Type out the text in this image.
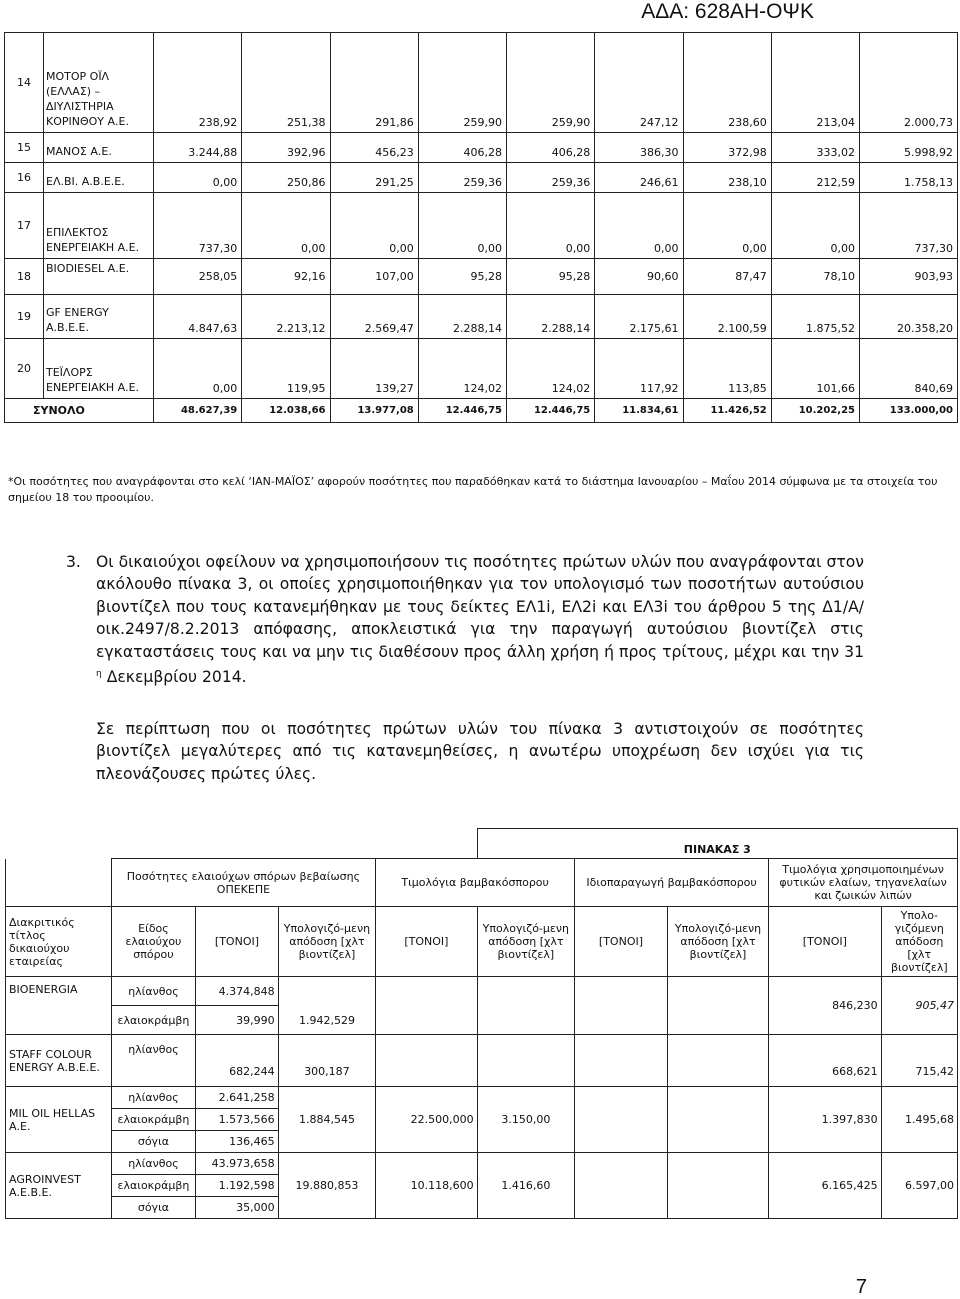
ΑΔΑ: 628ΑΗ-ΟΨΚ
14	ΜΟΤΟΡ ΟΪΛ (ΕΛΛΑΣ) – ΔΙΥΛΙΣΤΗΡΙΑ ΚΟΡΙΝΘΟΥ Α.Ε.	238,92	251,38	291,86	259,90	259,90	247,12	238,60	213,04	2.000,73
15	ΜΑΝΟΣ Α.Ε.	3.244,88	392,96	456,23	406,28	406,28	386,30	372,98	333,02	5.998,92
16	ΕΛ.ΒΙ. Α.Β.Ε.Ε.	0,00	250,86	291,25	259,36	259,36	246,61	238,10	212,59	1.758,13
17	ΕΠΙΛΕΚΤΟΣ ΕΝΕΡΓΕΙΑΚΗ Α.Ε.	737,30	0,00	0,00	0,00	0,00	0,00	0,00	0,00	737,30
18	BIODIESEL Α.Ε.	258,05	92,16	107,00	95,28	95,28	90,60	87,47	78,10	903,93
19	GF ENERGY Α.Β.Ε.Ε.	4.847,63	2.213,12	2.569,47	2.288,14	2.288,14	2.175,61	2.100,59	1.875,52	20.358,20
20	ΤΕΪΛΟΡΣ ΕΝΕΡΓΕΙΑΚΗ Α.Ε.	0,00	119,95	139,27	124,02	124,02	117,92	113,85	101,66	840,69
ΣΥΝΟΛΟ		48.627,39	12.038,66	13.977,08	12.446,75	12.446,75	11.834,61	11.426,52	10.202,25	133.000,00
*Οι ποσότητες που αναγράφονται στο κελί ‘ΙΑΝ-ΜΑΪΟΣ’ αφορούν ποσότητες που παραδόθηκαν κατά το διάστημα Ιανουαρίου – Μαΐου 2014 σύμφωνα με τα στοιχεία του σημείου 18 του προοιμίου.
3. Οι δικαιούχοι οφείλουν να χρησιμοποιήσουν τις ποσότητες πρώτων υλών που αναγράφονται στον ακόλουθο πίνακα 3, οι οποίες χρησιμοποιήθηκαν για τον υπολογισμό των ποσοτήτων αυτούσιου βιοντίζελ που τους κατανεμήθηκαν με τους δείκτες ΕΛ1i, ΕΛ2i και ΕΛ3i του άρθρου 5 της Δ1/Α/οικ.2497/8.2.2013 απόφασης, αποκλειστικά για την παραγωγή αυτούσιου βιοντίζελ στις εγκαταστάσεις τους και να μην τις διαθέσουν προς άλλη χρήση ή προς τρίτους, μέχρι και την 31 $^\eta$ Δεκεμβρίου 2014.
Σε περίπτωση που οι ποσότητες πρώτων υλών του πίνακα 3 αντιστοιχούν σε ποσότητες βιοντίζελ μεγαλύτερες από τις κατανεμηθείσες, η ανωτέρω υποχρέωση δεν ισχύει για τις πλεονάζουσες πρώτες ύλες.
					ΠΙΝΑΚΑΣ 3				
	Ποσότητες ελαιούχων σπόρων βεβαίωσης ΟΠΕΚΕΠΕ			Τιμολόγια βαμβακόσπορου		Ιδιοπαραγωγή βαμβακόσπορου		Τιμολόγια χρησιμοποιημένων φυτικών ελαίων, τηγανελαίων και ζωικών λιπών	
Διακριτικός τίτλος δικαιούχου εταιρείας	Είδος ελαιούχου σπόρου	[ΤΟΝΟΙ]	Υπολογιζό-μενη απόδοση [χλτ βιοντίζελ]	[ΤΟΝΟΙ]	Υπολογιζό-μενη απόδοση [χλτ βιοντίζελ]	[ΤΟΝΟΙ]	Υπολογιζό-μενη απόδοση [χλτ βιοντίζελ]	[ΤΟΝΟΙ]	Υπολο-γιζόμενη απόδοση [χλτ βιοντίζελ]
BIOENERGIA	ηλίανθος	4.374,848	1.942,529					846,230	905,47
	ελαιοκράμβη	39,990							
STAFF COLOUR ENERGY Α.Β.Ε.Ε.	ηλίανθος	682,244	300,187					668,621	715,42
MIL OIL HELLAS Α.Ε.	ηλίανθος	2.641,258	1.884,545	22.500,000	3.150,00			1.397,830	1.495,68
	ελαιοκράμβη	1.573,566							
	σόγια	136,465							
AGROINVEST Α.Ε.Β.Ε.	ηλίανθος	43.973,658	19.880,853	10.118,600	1.416,60			6.165,425	6.597,00
	ελαιοκράμβη	1.192,598							
	σόγια	35,000							
7
